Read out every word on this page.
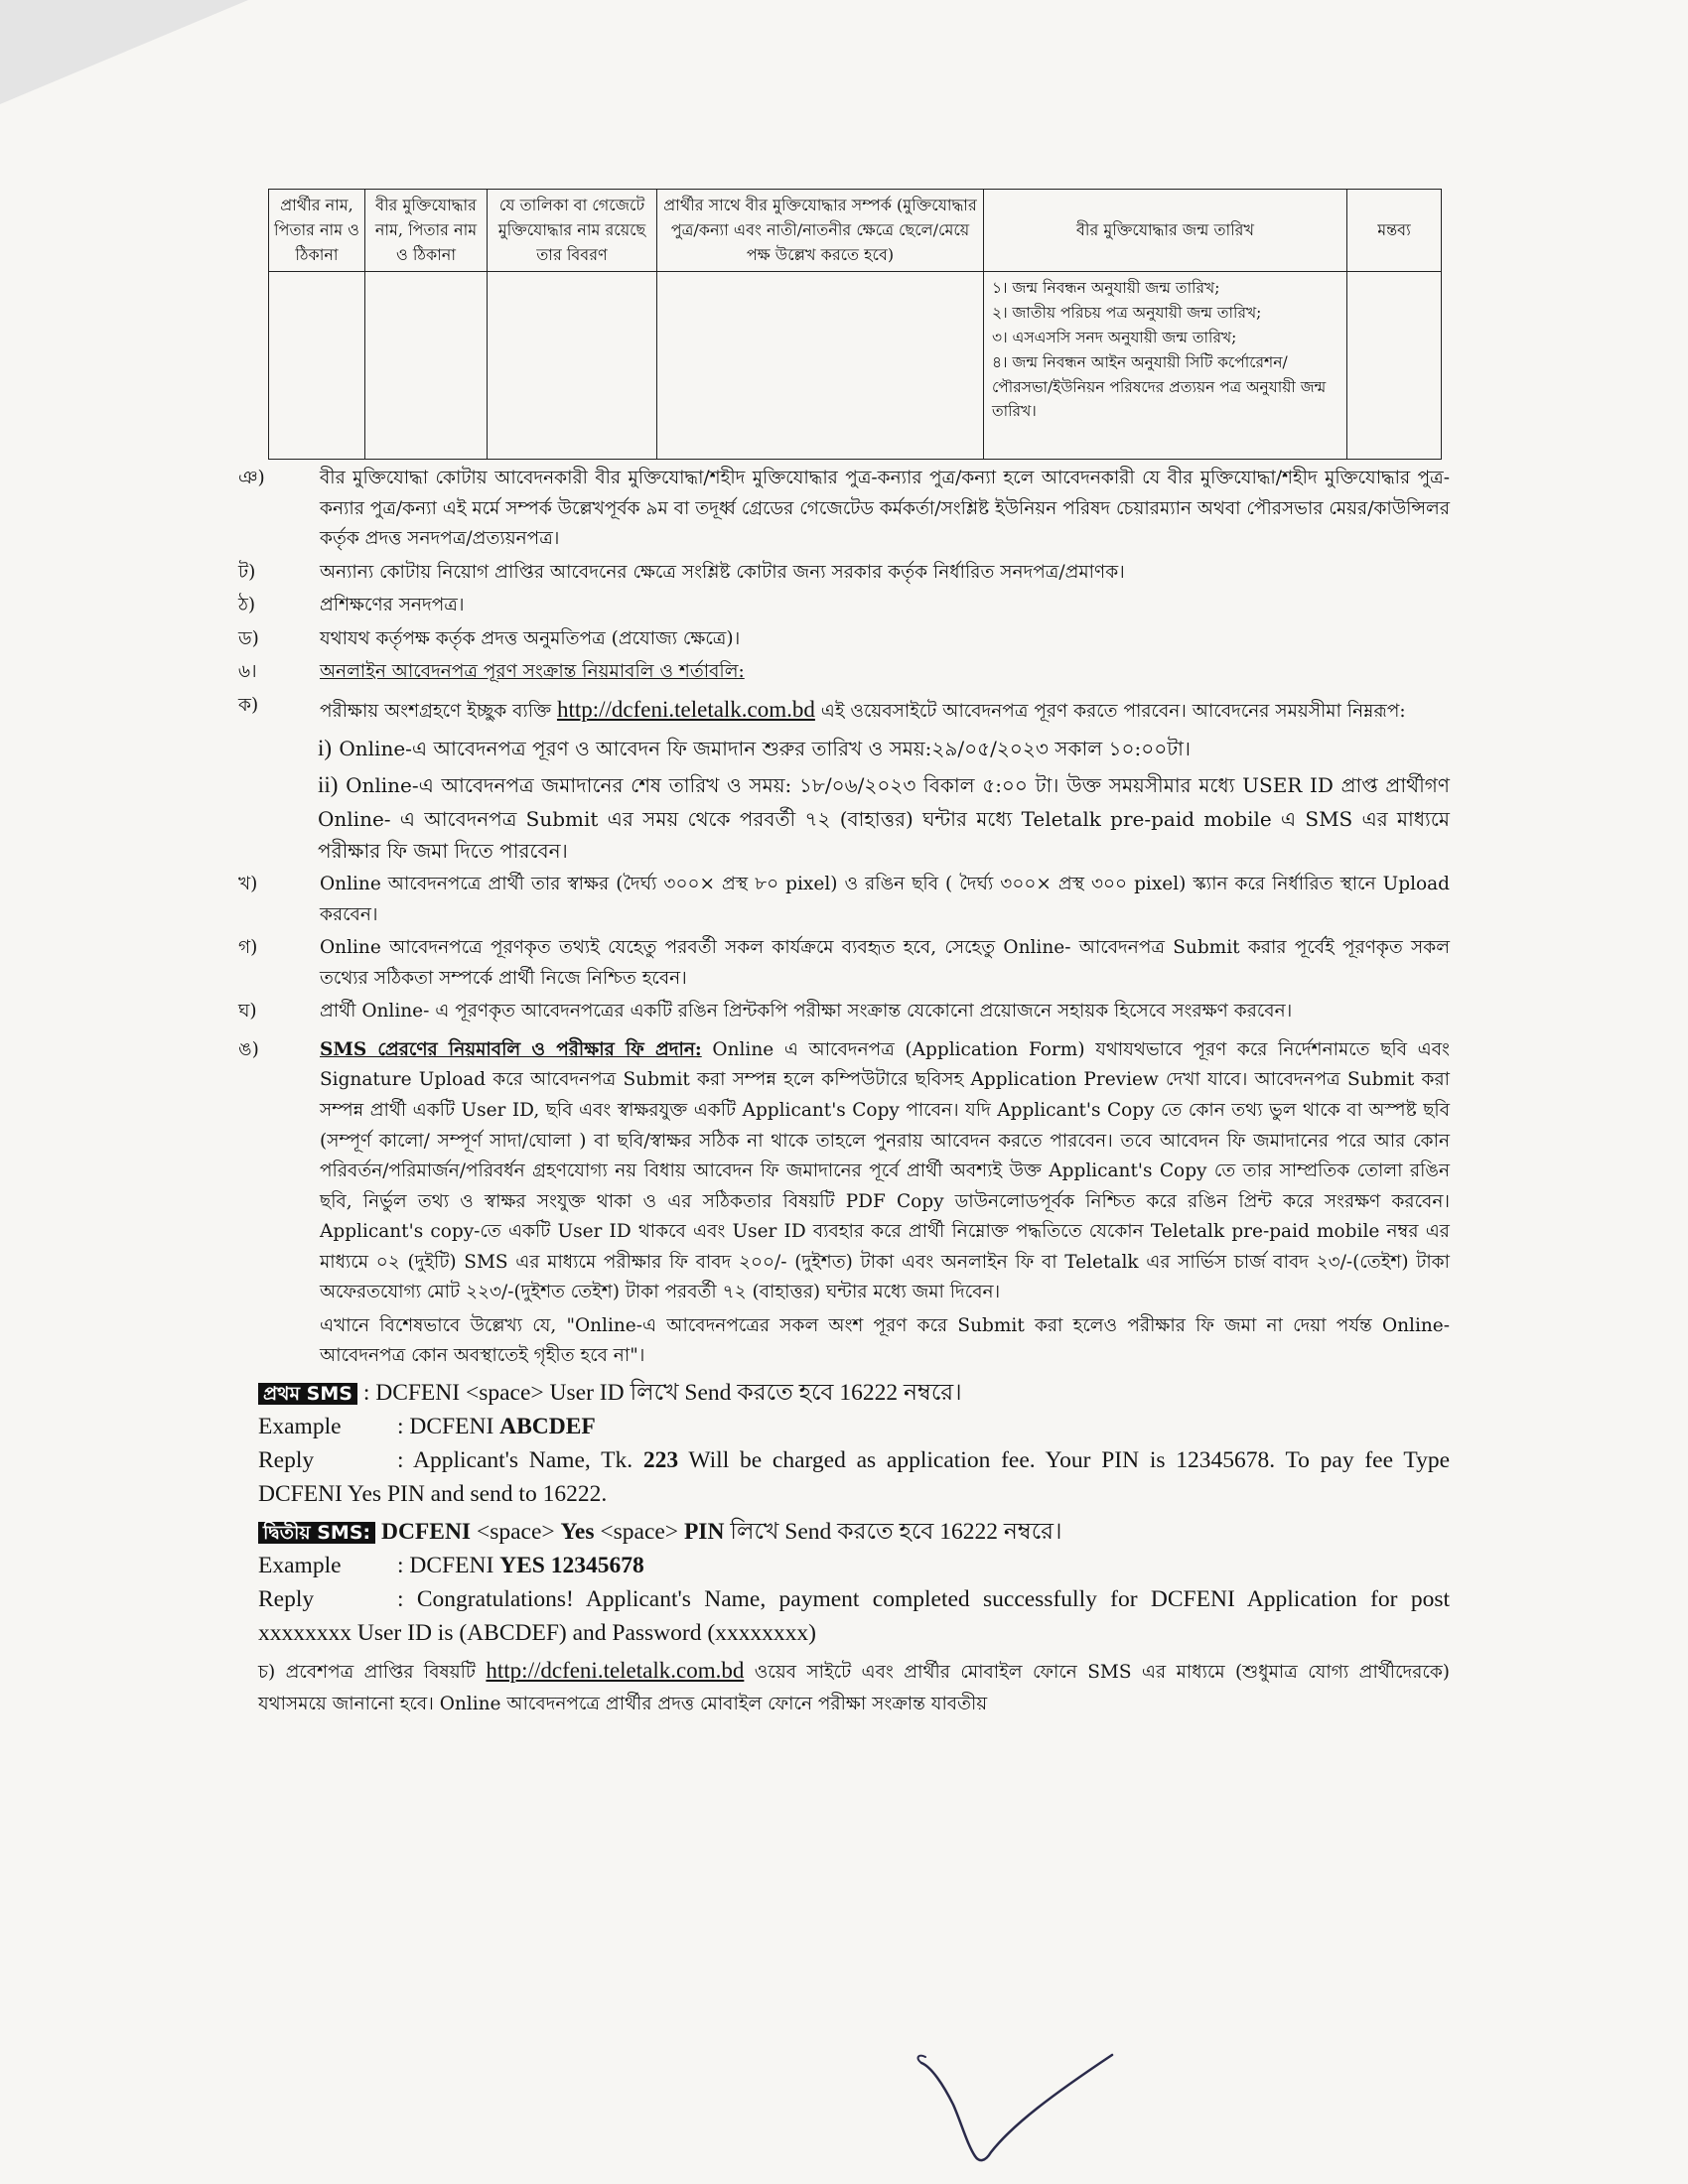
প্রার্থীর নাম, পিতার নাম ও ঠিকানা	বীর মুক্তিযোদ্ধার নাম, পিতার নাম ও ঠিকানা	যে তালিকা বা গেজেটে মুক্তিযোদ্ধার নাম রয়েছে তার বিবরণ	প্রার্থীর সাথে বীর মুক্তিযোদ্ধার সম্পর্ক (মুক্তিযোদ্ধার পুত্র/কন্যা এবং নাতী/নাতনীর ক্ষেত্রে ছেলে/মেয়ে পক্ষ উল্লেখ করতে হবে)	বীর মুক্তিযোদ্ধার জন্ম তারিখ	মন্তব্য

				১। জন্ম নিবন্ধন অনুযায়ী জন্ম তারিখ;
২। জাতীয় পরিচয় পত্র অনুযায়ী জন্ম তারিখ;
৩। এসএসসি সনদ অনুযায়ী জন্ম তারিখ;
৪। জন্ম নিবন্ধন আইন অনুযায়ী সিটি কর্পোরেশন/পৌরসভা/ইউনিয়ন পরিষদের প্রত্যয়ন পত্র অনুযায়ী জন্ম তারিখ।	

ঞ)	বীর মুক্তিযোদ্ধা কোটায় আবেদনকারী বীর মুক্তিযোদ্ধা/শহীদ মুক্তিযোদ্ধার পুত্র-কন্যার পুত্র/কন্যা হলে আবেদনকারী যে বীর মুক্তিযোদ্ধা/শহীদ মুক্তিযোদ্ধার পুত্র-কন্যার পুত্র/কন্যা এই মর্মে সম্পর্ক উল্লেখপূর্বক ৯ম বা তদূর্ধ্ব গ্রেডের গেজেটেড কর্মকর্তা/সংশ্লিষ্ট ইউনিয়ন পরিষদ চেয়ারম্যান অথবা পৌরসভার মেয়র/কাউন্সিলর কর্তৃক প্রদত্ত সনদপত্র/প্রত্যয়নপত্র।
ট)	অন্যান্য কোটায় নিয়োগ প্রাপ্তির আবেদনের ক্ষেত্রে সংশ্লিষ্ট কোটার জন্য সরকার কর্তৃক নির্ধারিত সনদপত্র/প্রমাণক।
ঠ)	প্রশিক্ষণের সনদপত্র।
ড)	যথাযথ কর্তৃপক্ষ কর্তৃক প্রদত্ত অনুমতিপত্র (প্রযোজ্য ক্ষেত্রে)।
৬।	অনলাইন আবেদনপত্র পূরণ সংক্রান্ত নিয়মাবলি ও শর্তাবলি:
ক)	পরীক্ষায় অংশগ্রহণে ইচ্ছুক ব্যক্তি http://dcfeni.teletalk.com.bd এই ওয়েবসাইটে আবেদনপত্র পূরণ করতে পারবেন। আবেদনের সময়সীমা নিম্নরূপ:
i) Online-এ আবেদনপত্র পূরণ ও আবেদন ফি জমাদান শুরুর তারিখ ও সময়:২৯/০৫/২০২৩ সকাল ১০:০০টা।
ii) Online-এ আবেদনপত্র জমাদানের শেষ তারিখ ও সময়: ১৮/০৬/২০২৩ বিকাল ৫:০০ টা। উক্ত সময়সীমার মধ্যে USER ID প্রাপ্ত প্রার্থীগণ Online- এ আবেদনপত্র Submit এর সময় থেকে পরবর্তী ৭২ (বাহাত্তর) ঘন্টার মধ্যে Teletalk pre-paid mobile এ SMS এর মাধ্যমে পরীক্ষার ফি জমা দিতে পারবেন।
খ)	Online আবেদনপত্রে প্রার্থী তার স্বাক্ষর (দৈর্ঘ্য ৩০০× প্রস্থ ৮০ pixel) ও রঙিন ছবি ( দৈর্ঘ্য ৩০০× প্রস্থ ৩০০ pixel) স্ক্যান করে নির্ধারিত স্থানে Upload করবেন।
গ)	Online আবেদনপত্রে পূরণকৃত তথ্যই যেহেতু পরবর্তী সকল কার্যক্রমে ব্যবহৃত হবে, সেহেতু Online- আবেদনপত্র Submit করার পূর্বেই পূরণকৃত সকল তথ্যের সঠিকতা সম্পর্কে প্রার্থী নিজে নিশ্চিত হবেন।
ঘ)	প্রার্থী Online- এ পূরণকৃত আবেদনপত্রের একটি রঙিন প্রিন্টকপি পরীক্ষা সংক্রান্ত যেকোনো প্রয়োজনে সহায়ক হিসেবে সংরক্ষণ করবেন।
ঙ)	SMS প্রেরণের নিয়মাবলি ও পরীক্ষার ফি প্রদান: Online এ আবেদনপত্র (Application Form) যথাযথভাবে পূরণ করে নির্দেশনামতে ছবি এবং Signature Upload করে আবেদনপত্র Submit করা সম্পন্ন হলে কম্পিউটারে ছবিসহ Application Preview দেখা যাবে। আবেদনপত্র Submit করা সম্পন্ন প্রার্থী একটি User ID, ছবি এবং স্বাক্ষরযুক্ত একটি Applicant's Copy পাবেন। যদি Applicant's Copy তে কোন তথ্য ভুল থাকে বা অস্পষ্ট ছবি (সম্পূর্ণ কালো/ সম্পূর্ণ সাদা/ঘোলা ) বা ছবি/স্বাক্ষর সঠিক না থাকে তাহলে পুনরায় আবেদন করতে পারবেন। তবে আবেদন ফি জমাদানের পরে আর কোন পরিবর্তন/পরিমার্জন/পরিবর্ধন গ্রহণযোগ্য নয় বিধায় আবেদন ফি জমাদানের পূর্বে প্রার্থী অবশ্যই উক্ত Applicant's Copy তে তার সাম্প্রতিক তোলা রঙিন ছবি, নির্ভুল তথ্য ও স্বাক্ষর সংযুক্ত থাকা ও এর সঠিকতার বিষয়টি PDF Copy ডাউনলোডপূর্বক নিশ্চিত করে রঙিন প্রিন্ট করে সংরক্ষণ করবেন। Applicant's copy-তে একটি User ID থাকবে এবং User ID ব্যবহার করে প্রার্থী নিম্নোক্ত পদ্ধতিতে যেকোন Teletalk pre-paid mobile নম্বর এর মাধ্যমে ০২ (দুইটি) SMS এর মাধ্যমে পরীক্ষার ফি বাবদ ২০০/- (দুইশত) টাকা এবং অনলাইন ফি বা Teletalk এর সার্ভিস চার্জ বাবদ ২৩/-(তেইশ) টাকা অফেরতযোগ্য মোট ২২৩/-(দুইশত তেইশ) টাকা পরবর্তী ৭২ (বাহাত্তর) ঘন্টার মধ্যে জমা দিবেন।
এখানে বিশেষভাবে উল্লেখ্য যে, "Online-এ আবেদনপত্রের সকল অংশ পূরণ করে Submit করা হলেও পরীক্ষার ফি জমা না দেয়া পর্যন্ত Online- আবেদনপত্র কোন অবস্থাতেই গৃহীত হবে না"।
প্রথম SMS : DCFENI <space> User ID লিখে Send করতে হবে 16222 নম্বরে।
Example : DCFENI ABCDEF
Reply	: Applicant's Name, Tk. 223 Will be charged as application fee. Your PIN is 12345678. To pay fee Type DCFENI Yes PIN and send to 16222.
দ্বিতীয় SMS: DCFENI <space> Yes <space> PIN লিখে Send করতে হবে 16222 নম্বরে।
Example : DCFENI YES 12345678
Reply	: Congratulations! Applicant's Name, payment completed successfully for DCFENI Application for post xxxxxxxx User ID is (ABCDEF) and Password (xxxxxxxx)
চ) প্রবেশপত্র প্রাপ্তির বিষয়টি http://dcfeni.teletalk.com.bd ওয়েব সাইটে এবং প্রার্থীর মোবাইল ফোনে SMS এর মাধ্যমে (শুধুমাত্র যোগ্য প্রার্থীদেরকে) যথাসময়ে জানানো হবে। Online আবেদনপত্রে প্রার্থীর প্রদত্ত মোবাইল ফোনে পরীক্ষা সংক্রান্ত যাবতীয়
